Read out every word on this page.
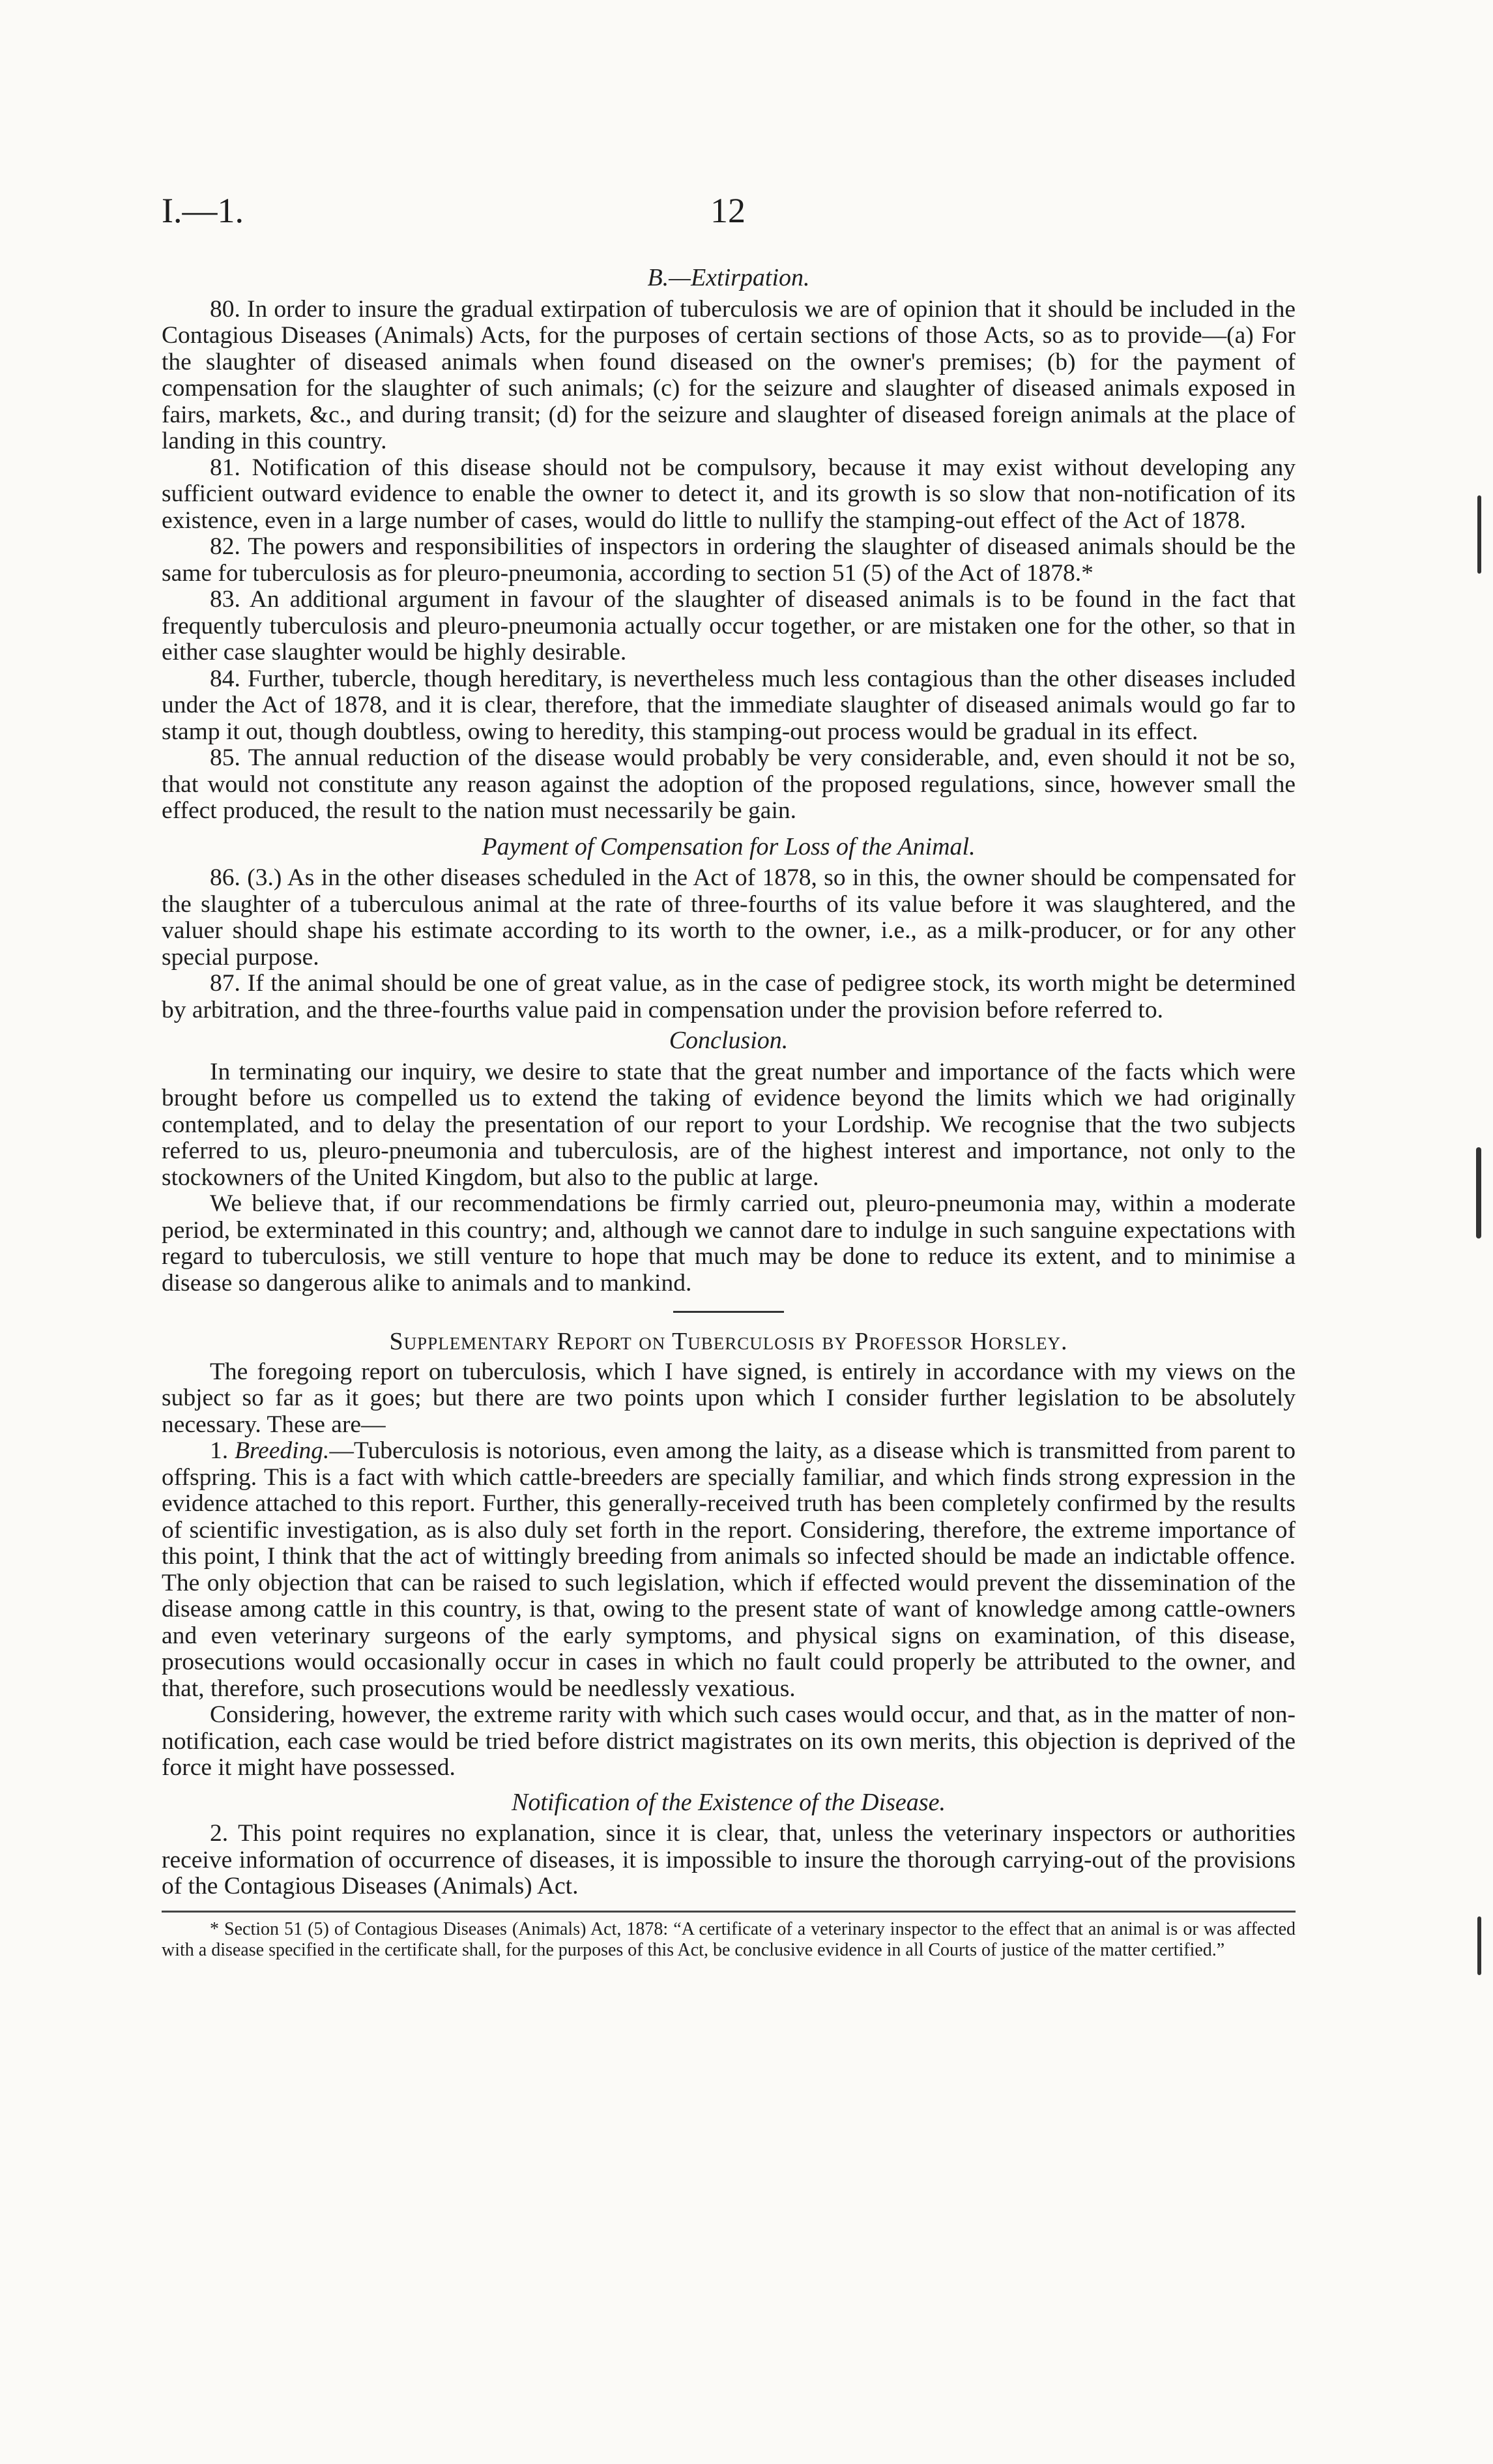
I.—1.	12
B.—Extirpation.

80. In order to insure the gradual extirpation of tuberculosis we are of opinion that it should be included in the Contagious Diseases (Animals) Acts, for the purposes of certain sections of those Acts, so as to provide—(a) For the slaughter of diseased animals when found diseased on the owner's premises; (b) for the payment of compensation for the slaughter of such animals; (c) for the seizure and slaughter of diseased animals exposed in fairs, markets, &c., and during transit; (d) for the seizure and slaughter of diseased foreign animals at the place of landing in this country.

81. Notification of this disease should not be compulsory, because it may exist without developing any sufficient outward evidence to enable the owner to detect it, and its growth is so slow that non-notification of its existence, even in a large number of cases, would do little to nullify the stamping-out effect of the Act of 1878.

82. The powers and responsibilities of inspectors in ordering the slaughter of diseased animals should be the same for tuberculosis as for pleuro-pneumonia, according to section 51 (5) of the Act of 1878.*

83. An additional argument in favour of the slaughter of diseased animals is to be found in the fact that frequently tuberculosis and pleuro-pneumonia actually occur together, or are mistaken one for the other, so that in either case slaughter would be highly desirable.

84. Further, tubercle, though hereditary, is nevertheless much less contagious than the other diseases included under the Act of 1878, and it is clear, therefore, that the immediate slaughter of diseased animals would go far to stamp it out, though doubtless, owing to heredity, this stamping-out process would be gradual in its effect.

85. The annual reduction of the disease would probably be very considerable, and, even should it not be so, that would not constitute any reason against the adoption of the proposed regulations, since, however small the effect produced, the result to the nation must necessarily be gain.

Payment of Compensation for Loss of the Animal.

86. (3.) As in the other diseases scheduled in the Act of 1878, so in this, the owner should be compensated for the slaughter of a tuberculous animal at the rate of three-fourths of its value before it was slaughtered, and the valuer should shape his estimate according to its worth to the owner, i.e., as a milk-producer, or for any other special purpose.

87. If the animal should be one of great value, as in the case of pedigree stock, its worth might be determined by arbitration, and the three-fourths value paid in compensation under the provision before referred to.

Conclusion.

In terminating our inquiry, we desire to state that the great number and importance of the facts which were brought before us compelled us to extend the taking of evidence beyond the limits which we had originally contemplated, and to delay the presentation of our report to your Lordship. We recognise that the two subjects referred to us, pleuro-pneumonia and tuberculosis, are of the highest interest and importance, not only to the stockowners of the United Kingdom, but also to the public at large.

We believe that, if our recommendations be firmly carried out, pleuro-pneumonia may, within a moderate period, be exterminated in this country; and, although we cannot dare to indulge in such sanguine expectations with regard to tuberculosis, we still venture to hope that much may be done to reduce its extent, and to minimise a disease so dangerous alike to animals and to mankind.

Supplementary Report on Tuberculosis by Professor Horsley.

The foregoing report on tuberculosis, which I have signed, is entirely in accordance with my views on the subject so far as it goes; but there are two points upon which I consider further legislation to be absolutely necessary. These are—

1. Breeding.—Tuberculosis is notorious, even among the laity, as a disease which is transmitted from parent to offspring. This is a fact with which cattle-breeders are specially familiar, and which finds strong expression in the evidence attached to this report. Further, this generally-received truth has been completely confirmed by the results of scientific investigation, as is also duly set forth in the report. Considering, therefore, the extreme importance of this point, I think that the act of wittingly breeding from animals so infected should be made an indictable offence. The only objection that can be raised to such legislation, which if effected would prevent the dissemination of the disease among cattle in this country, is that, owing to the present state of want of knowledge among cattle-owners and even veterinary surgeons of the early symptoms, and physical signs on examination, of this disease, prosecutions would occasionally occur in cases in which no fault could properly be attributed to the owner, and that, therefore, such prosecutions would be needlessly vexatious.

Considering, however, the extreme rarity with which such cases would occur, and that, as in the matter of non-notification, each case would be tried before district magistrates on its own merits, this objection is deprived of the force it might have possessed.

Notification of the Existence of the Disease.

2. This point requires no explanation, since it is clear, that, unless the veterinary inspectors or authorities receive information of occurrence of diseases, it is impossible to insure the thorough carrying-out of the provisions of the Contagious Diseases (Animals) Act.

* Section 51 (5) of Contagious Diseases (Animals) Act, 1878: “A certificate of a veterinary inspector to the effect that an animal is or was affected with a disease specified in the certificate shall, for the purposes of this Act, be conclusive evidence in all Courts of justice of the matter certified.”
